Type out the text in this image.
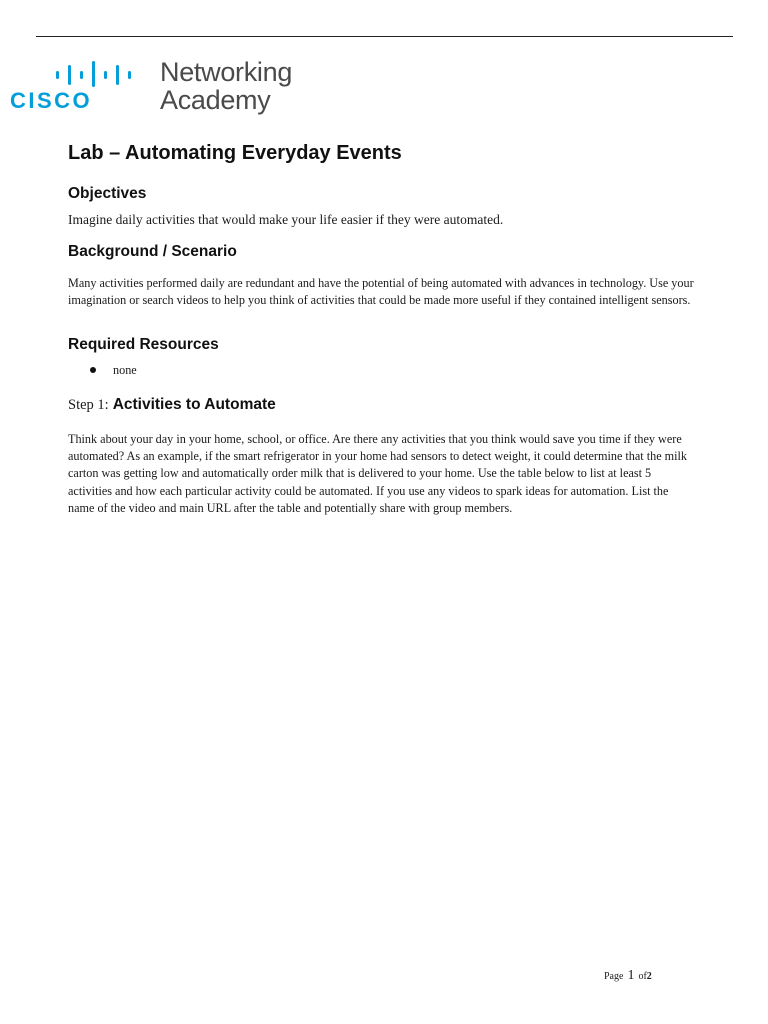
CISCO
Networking
Academy
Lab – Automating Everyday Events
Objectives

Imagine daily activities that would make your life easier if they were automated.

Background / Scenario

Many activities performed daily are redundant and have the potential of being automated with advances in technology. Use your imagination or search videos to help you think of activities that could be made more useful if they contained intelligent sensors.

Required Resources
none
Step 1: Activities to Automate

Think about your day in your home, school, or office. Are there any activities that you think would save you time if they were automated? As an example, if the smart refrigerator in your home had sensors to detect weight, it could determine that the milk carton was getting low and automatically order milk that is delivered to your home. Use the table below to list at least 5 activities and how each particular activity could be automated. If you use any videos to spark ideas for automation. List the name of the video and main URL after the table and potentially share with group members.

Page 1 of2
